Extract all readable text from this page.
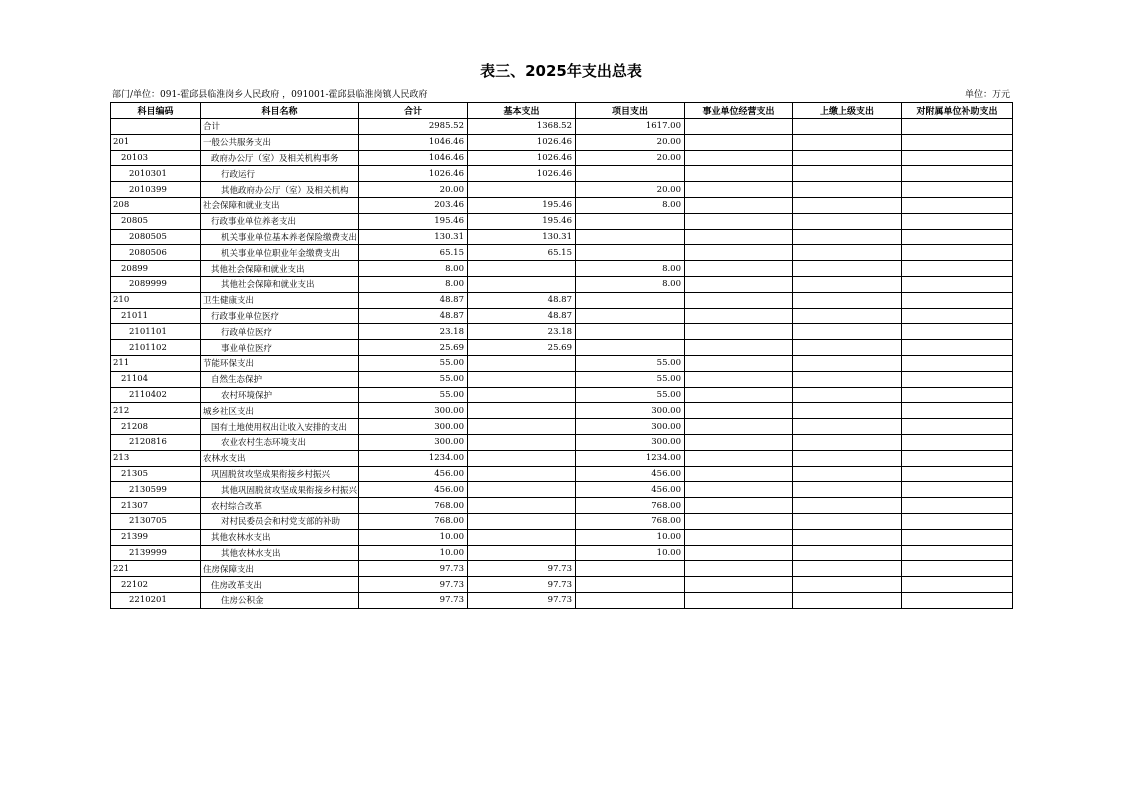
表三、2025年支出总表
部门/单位：091-霍邱县临淮岗乡人民政府 ，091001-霍邱县临淮岗镇人民政府	单位：万元
科目编码	科目名称	合计	基本支出	项目支出	事业单位经营支出	上缴上级支出	对附属单位补助支出
	合计	2985.52	1368.52	1617.00			
201	一般公共服务支出	1046.46	1026.46	20.00			
20103	政府办公厅（室）及相关机构事务	1046.46	1026.46	20.00			
2010301	行政运行	1026.46	1026.46				
2010399	其他政府办公厅（室）及相关机构	20.00		20.00			
208	社会保障和就业支出	203.46	195.46	8.00			
20805	行政事业单位养老支出	195.46	195.46				
2080505	机关事业单位基本养老保险缴费支出	130.31	130.31				
2080506	机关事业单位职业年金缴费支出	65.15	65.15				
20899	其他社会保障和就业支出	8.00		8.00			
2089999	其他社会保障和就业支出	8.00		8.00			
210	卫生健康支出	48.87	48.87				
21011	行政事业单位医疗	48.87	48.87				
2101101	行政单位医疗	23.18	23.18				
2101102	事业单位医疗	25.69	25.69				
211	节能环保支出	55.00		55.00			
21104	自然生态保护	55.00		55.00			
2110402	农村环境保护	55.00		55.00			
212	城乡社区支出	300.00		300.00			
21208	国有土地使用权出让收入安排的支出	300.00		300.00			
2120816	农业农村生态环境支出	300.00		300.00			
213	农林水支出	1234.00		1234.00			
21305	巩固脱贫攻坚成果衔接乡村振兴	456.00		456.00			
2130599	其他巩固脱贫攻坚成果衔接乡村振兴	456.00		456.00			
21307	农村综合改革	768.00		768.00			
2130705	对村民委员会和村党支部的补助	768.00		768.00			
21399	其他农林水支出	10.00		10.00			
2139999	其他农林水支出	10.00		10.00			
221	住房保障支出	97.73	97.73				
22102	住房改革支出	97.73	97.73				
2210201	住房公积金	97.73	97.73				
